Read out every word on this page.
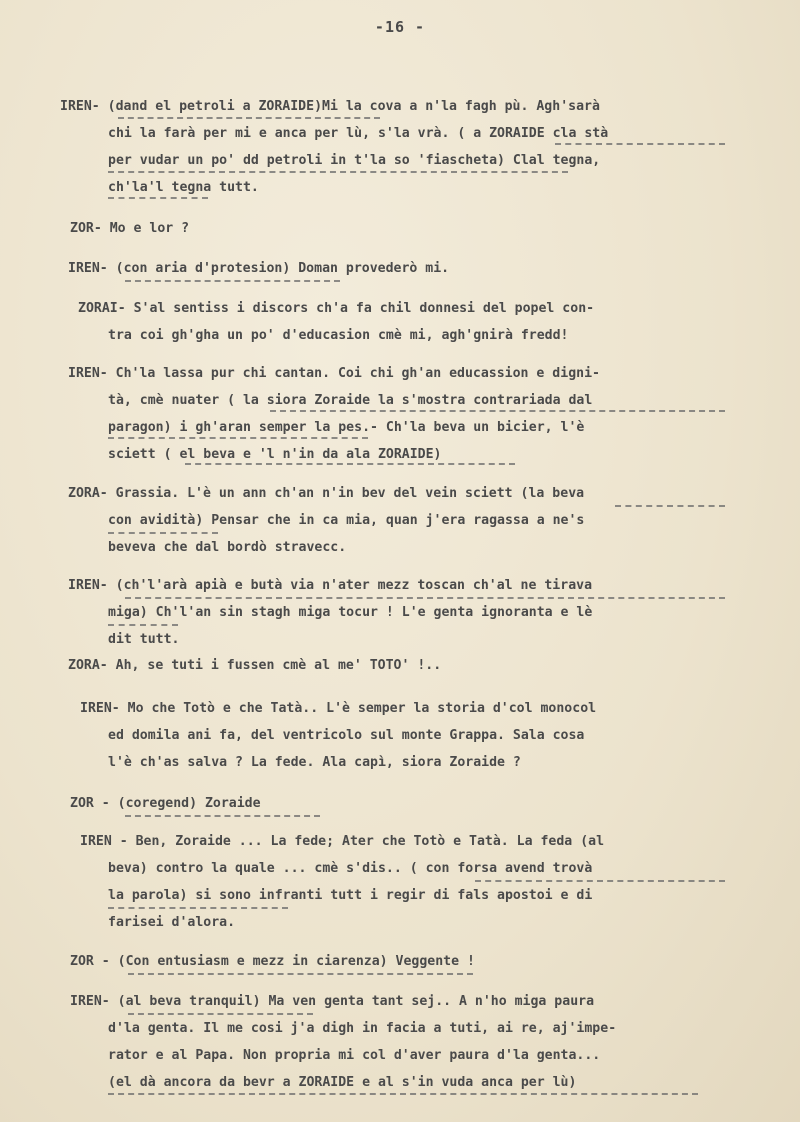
-16 -
IREN- (dand el petroli a ZORAIDE)Mi la cova a n'la fagh pù. Agh'sarà
chi la farà per mi e anca per lù, s'la vrà. ( a ZORAIDE cla stà
per vudar un po' dd petroli in t'la so 'fiascheta) Clal tegna,
ch'la'l tegna tutt.
ZOR- Mo e lor ?
IREN- (con aria d'protesion) Doman provederò mi.
ZORAI- S'al sentiss i discors ch'a fa chil donnesi del popel con-
tra coi gh'gha un po' d'educasion cmè mi, agh'gnirà fredd!
IREN- Ch'la lassa pur chi cantan. Coi chi gh'an educassion e digni-
tà, cmè nuater ( la siora Zoraide la s'mostra contrariada dal
paragon) i gh'aran semper la pes.- Ch'la beva un bicier, l'è
sciett ( el beva e 'l n'in da ala ZORAIDE)
ZORA- Grassia. L'è un ann ch'an n'in bev del vein sciett (la beva
con avidità) Pensar che in ca mia, quan j'era ragassa a ne's
beveva che dal bordò stravecc.
IREN- (ch'l'arà apià e butà via n'ater mezz toscan ch'al ne tirava
miga) Ch'l'an sin stagh miga tocur ! L'e genta ignoranta e lè
dit tutt.
ZORA- Ah, se tuti i fussen cmè al me' TOTO' !..
IREN- Mo che Totò e che Tatà.. L'è semper la storia d'col monocol
ed domila ani fa, del ventricolo sul monte Grappa. Sala cosa
l'è ch'as salva ? La fede. Ala capì, siora Zoraide ?
ZOR - (coregend) Zoraide
IREN - Ben, Zoraide ... La fede; Ater che Totò e Tatà. La feda (al
beva) contro la quale ... cmè s'dis.. ( con forsa avend trovà
la parola) si sono infranti tutt i regir di fals apostoi e di
farisei d'alora.
ZOR - (Con entusiasm e mezz in ciarenza) Veggente !
IREN- (al beva tranquil) Ma ven genta tant sej.. A n'ho miga paura
d'la genta. Il me cosi j'a digh in facia a tuti, ai re, aj'impe-
rator e al Papa. Non propria mi col d'aver paura d'la genta...
(el dà ancora da bevr a ZORAIDE e al s'in vuda anca per lù)
